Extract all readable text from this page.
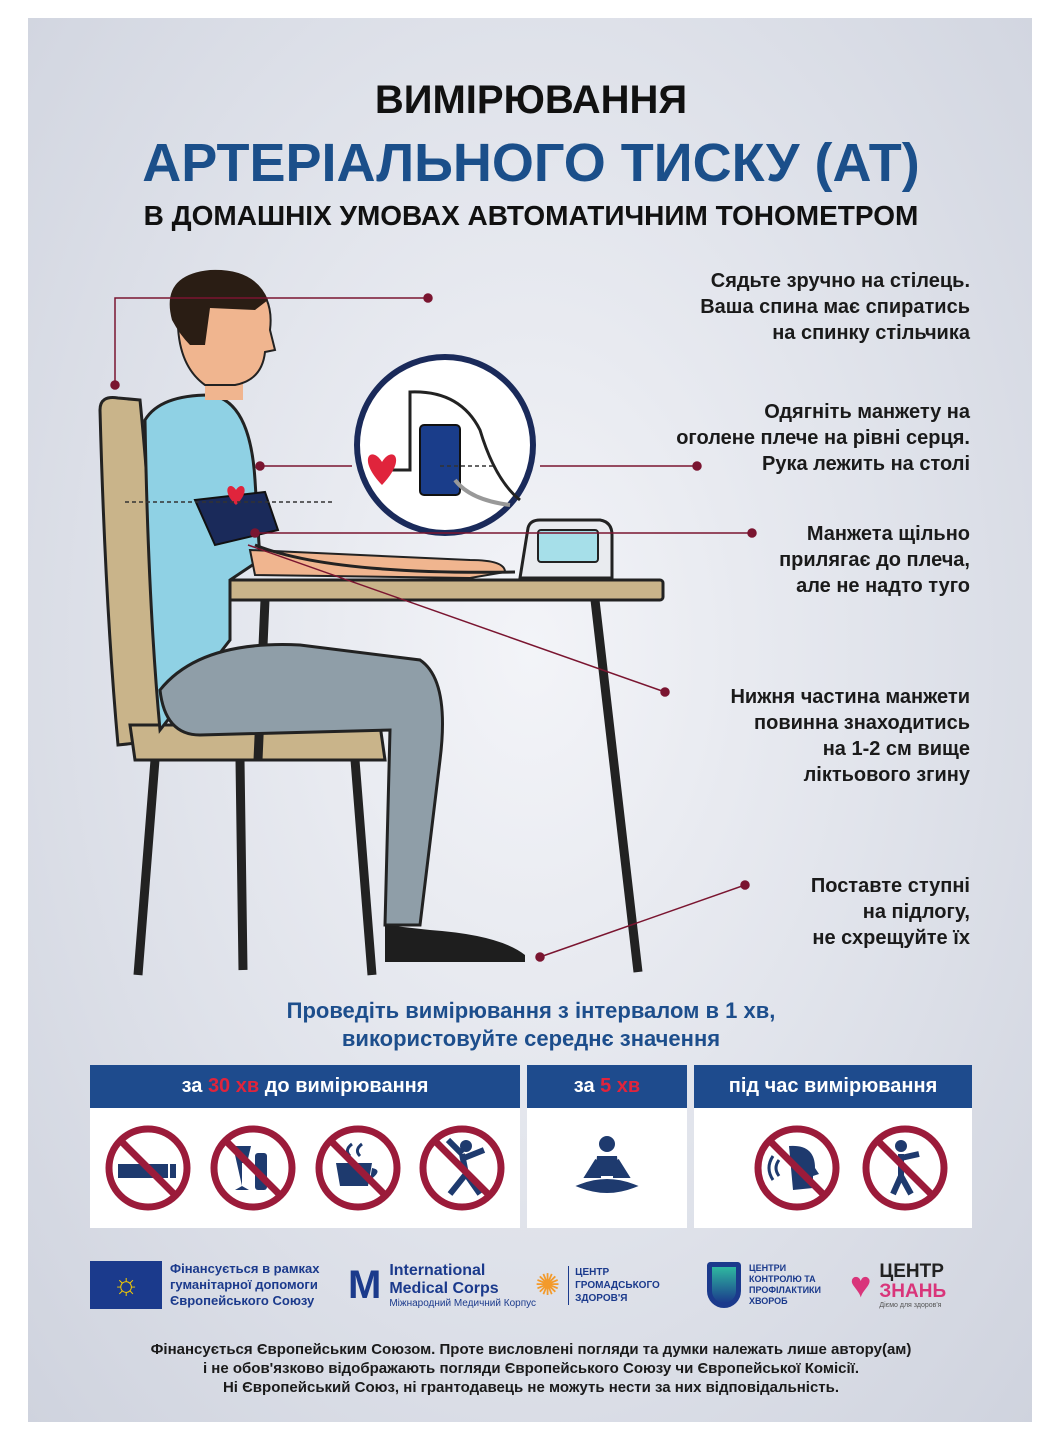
ВИМІРЮВАННЯ
АРТЕРІАЛЬНОГО ТИСКУ (АТ)
В ДОМАШНІХ УМОВАХ АВТОМАТИЧНИМ ТОНОМЕТРОМ
Сядьте зручно на стілець.
Ваша спина має спиратись
на спинку стільчика
Одягніть манжету на
оголене плече на рівні серця.
Рука лежить на столі
Манжета щільно
прилягає до плеча,
але не надто туго
Нижня частина манжети
повинна знаходитись
на 1-2 см вище
ліктьового згину
Поставте ступні
на підлогу,
не схрещуйте їх
Проведіть вимірювання з інтервалом в 1 хв,
використовуйте середнє значення
за 30 хв до вимірювання	за 5 хв	під час вимірювання
☼	Фінансується в рамках
гуманітарної допомоги
Європейського Союзу M International
Medical Corps
Міжнародний Медичний Корпус
✺ ЦЕНТР
ГРОМАДСЬКОГО
ЗДОРОВ'Я
ЦЕНТРИ
КОНТРОЛЮ ТА
ПРОФІЛАКТИКИ
ХВОРОБ	♥ ЦЕНТР
ЗНАНЬ
Діємо для здоров'я
Фінансується Європейським Союзом. Проте висловлені погляди та думки належать лише автору(ам)
і не обов'язково відображають погляди Європейського Союзу чи Європейської Комісії.
Ні Європейський Союз, ні грантодавець не можуть нести за них відповідальність.
